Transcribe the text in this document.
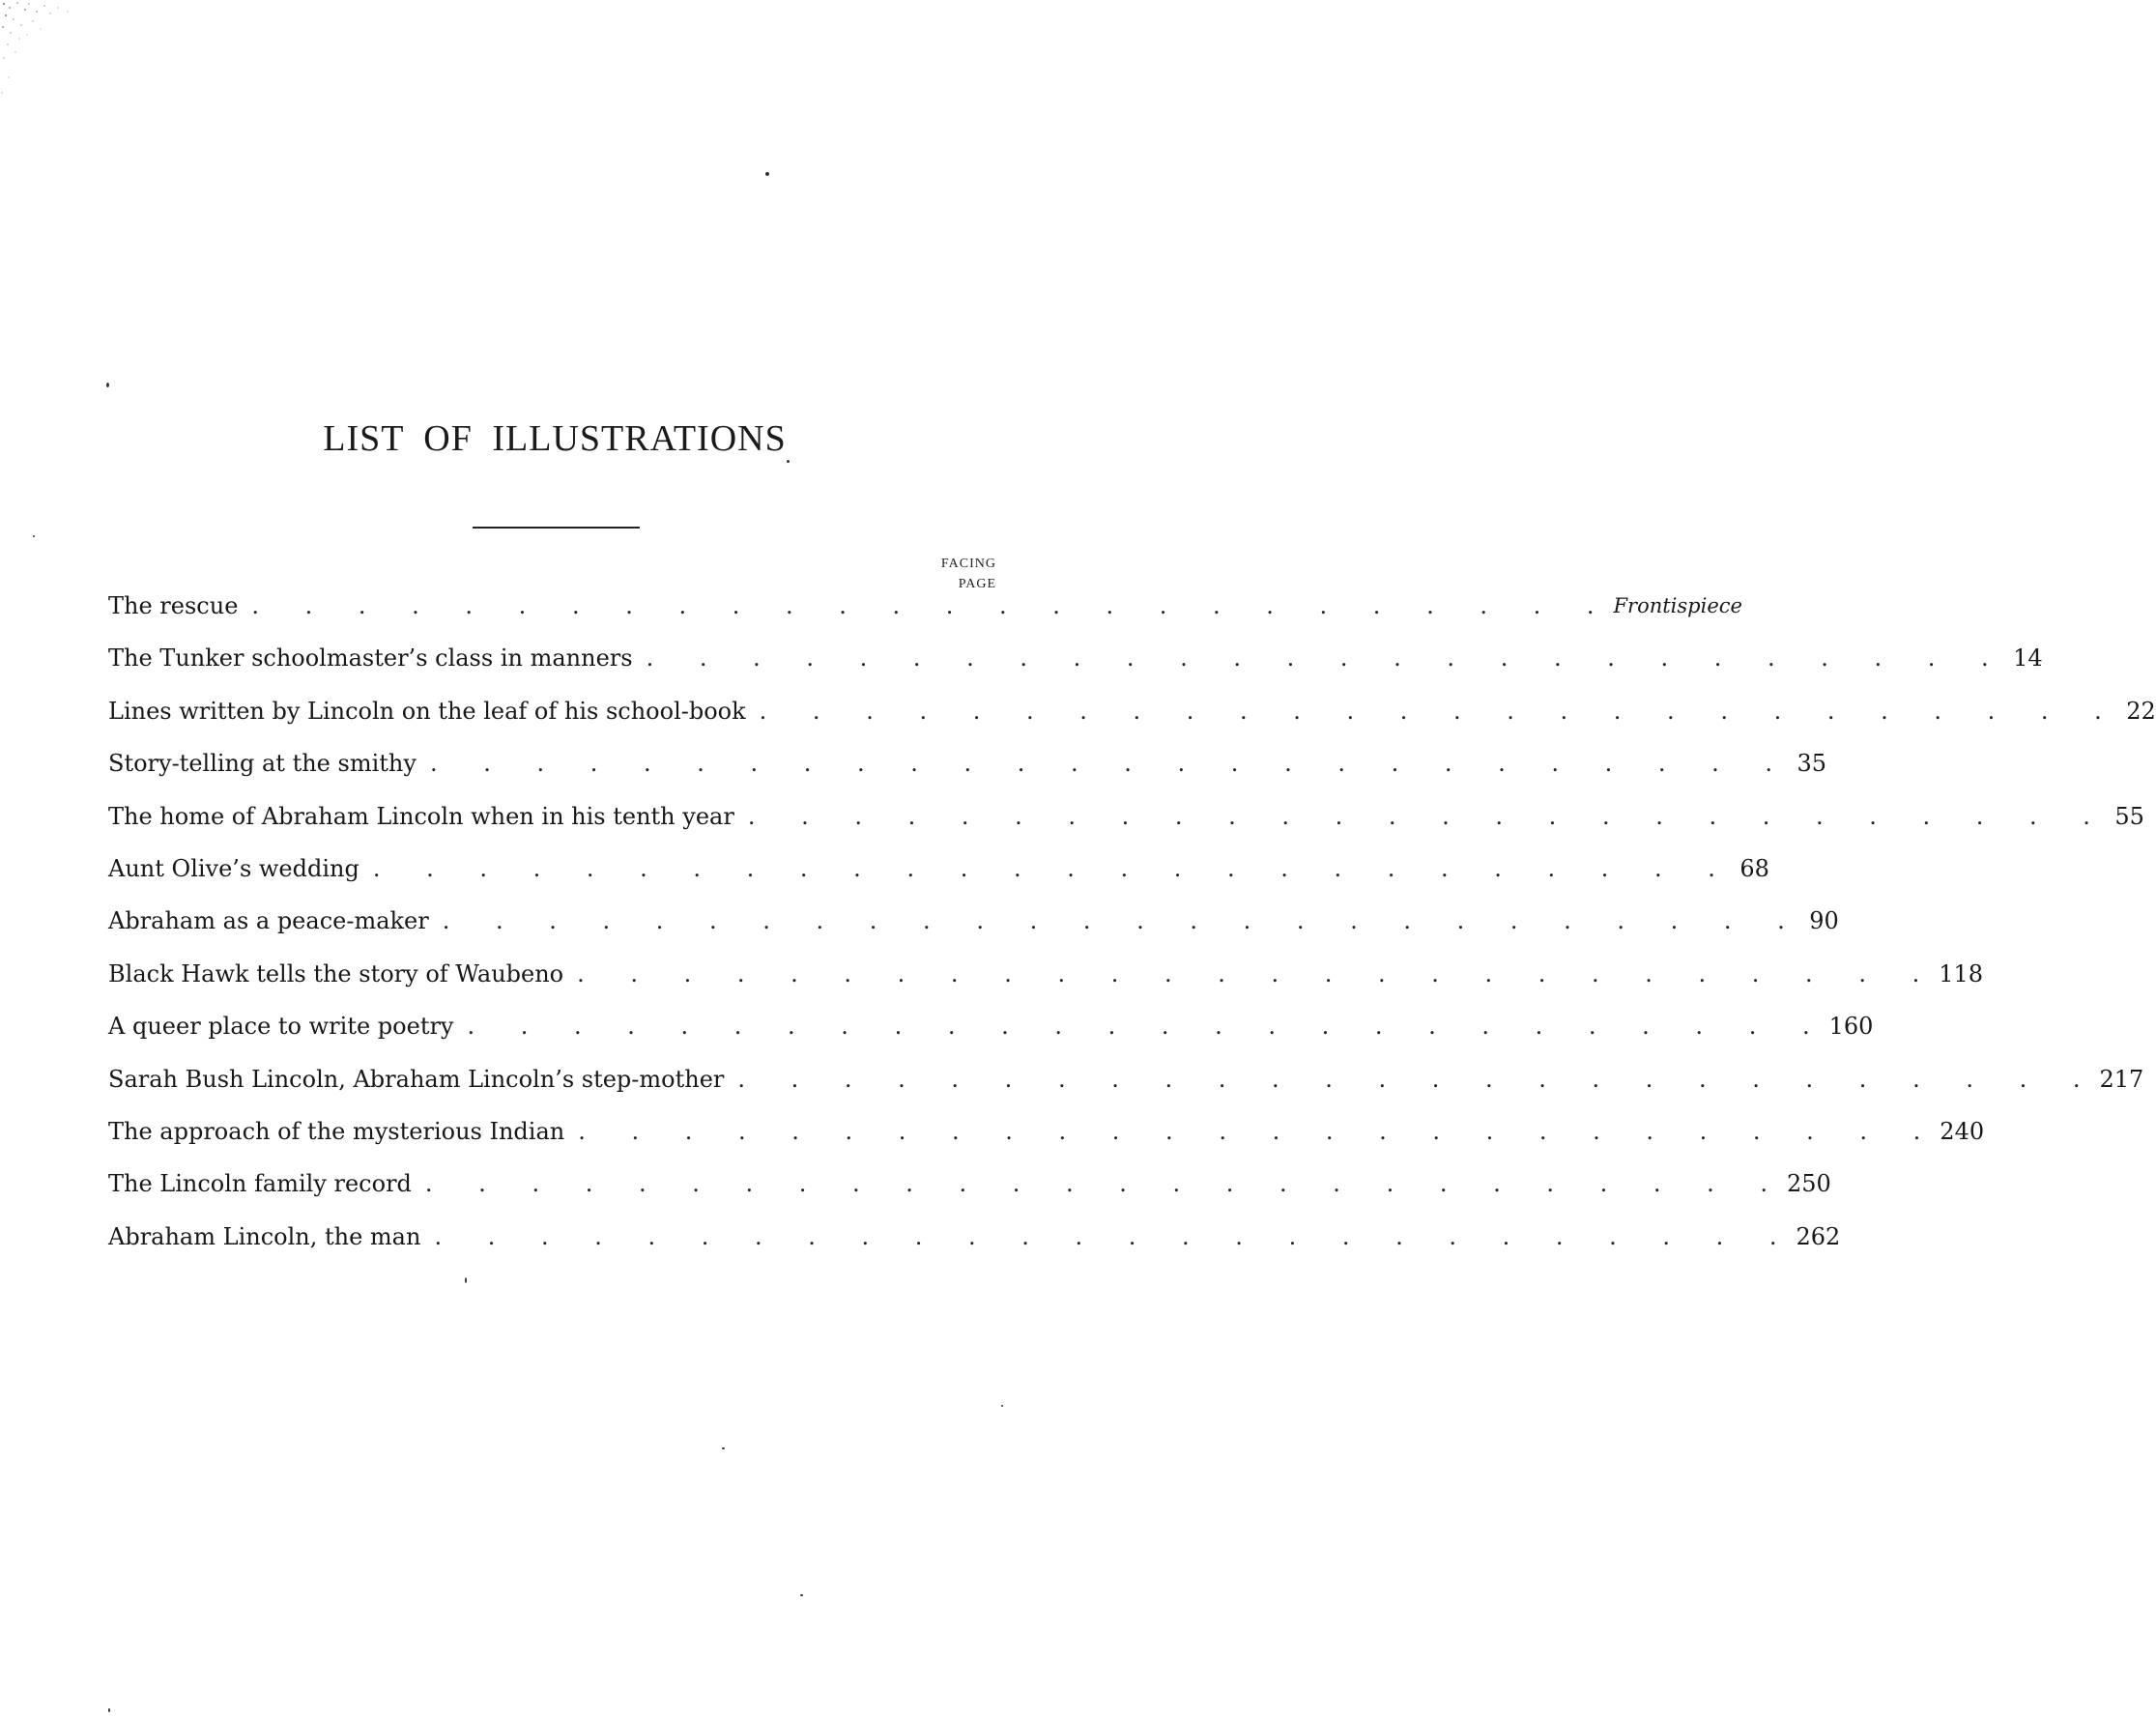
LIST OF ILLUSTRATIONS
FACING
PAGE
The rescue . . . . . . . . . . . . . . . . . . . . . . . . . . Frontispiece
The Tunker schoolmaster’s class in manners . . . . . . . . . . . . . . . . . . . . . . . . . . 14
Lines written by Lincoln on the leaf of his school-book . . . . . . . . . . . . . . . . . . . . . . . . . . 22
Story-telling at the smithy . . . . . . . . . . . . . . . . . . . . . . . . . . 35
The home of Abraham Lincoln when in his tenth year . . . . . . . . . . . . . . . . . . . . . . . . . . 55
Aunt Olive’s wedding . . . . . . . . . . . . . . . . . . . . . . . . . . 68
Abraham as a peace-maker . . . . . . . . . . . . . . . . . . . . . . . . . . 90
Black Hawk tells the story of Waubeno . . . . . . . . . . . . . . . . . . . . . . . . . . 118
A queer place to write poetry . . . . . . . . . . . . . . . . . . . . . . . . . . 160
Sarah Bush Lincoln, Abraham Lincoln’s step-mother . . . . . . . . . . . . . . . . . . . . . . . . . . 217
The approach of the mysterious Indian . . . . . . . . . . . . . . . . . . . . . . . . . . 240
The Lincoln family record . . . . . . . . . . . . . . . . . . . . . . . . . . 250
Abraham Lincoln, the man . . . . . . . . . . . . . . . . . . . . . . . . . . 262
